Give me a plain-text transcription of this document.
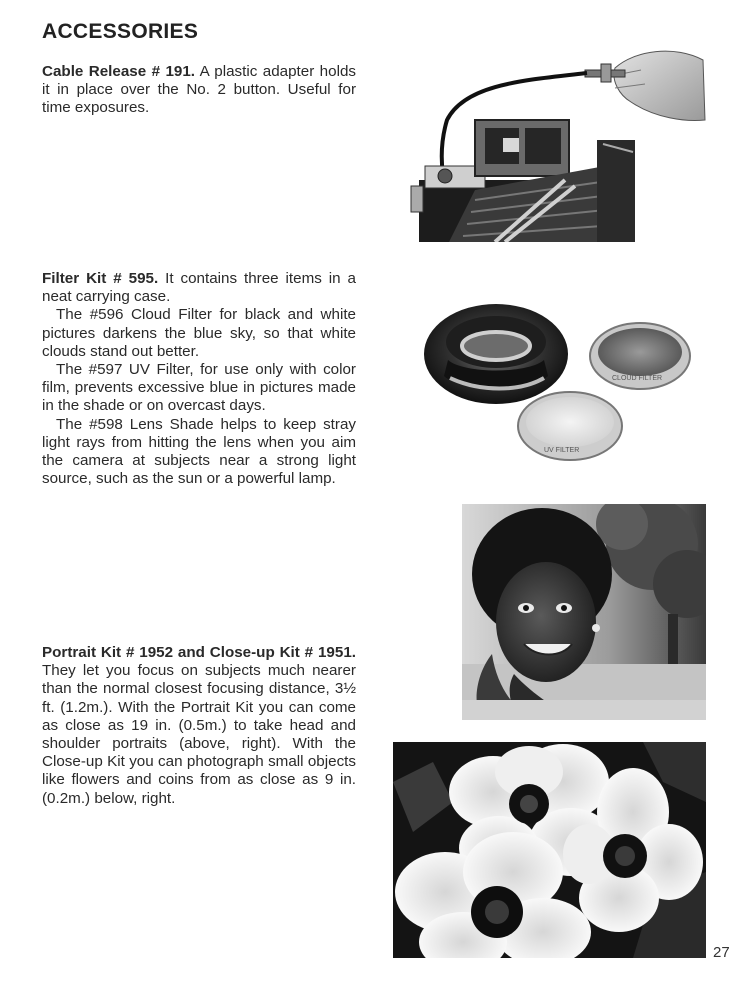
ACCESSORIES

Cable Release # 191. A plastic adapter holds it in place over the No. 2 button. Useful for time exposures.

Filter Kit # 595. It contains three items in a neat carrying case.
The #596 Cloud Filter for black and white pictures darkens the blue sky, so that white clouds stand out better.
The #597 UV Filter, for use only with color film, prevents excessive blue in pictures made in the shade or on overcast days.
The #598 Lens Shade helps to keep stray light rays from hitting the lens when you aim the camera at subjects near a strong light source, such as the sun or a powerful lamp.

Portrait Kit # 1952 and Close-up Kit # 1951. They let you focus on subjects much nearer than the normal closest focusing distance, 3½ ft. (1.2m.). With the Portrait Kit you can come as close as 19 in. (0.5m.) to take head and shoulder portraits (above, right). With the Close-up Kit you can photograph small objects like flowers and coins from as close as 9 in. (0.2m.) below, right.

CLOUD FILTER
UV FILTER

27
